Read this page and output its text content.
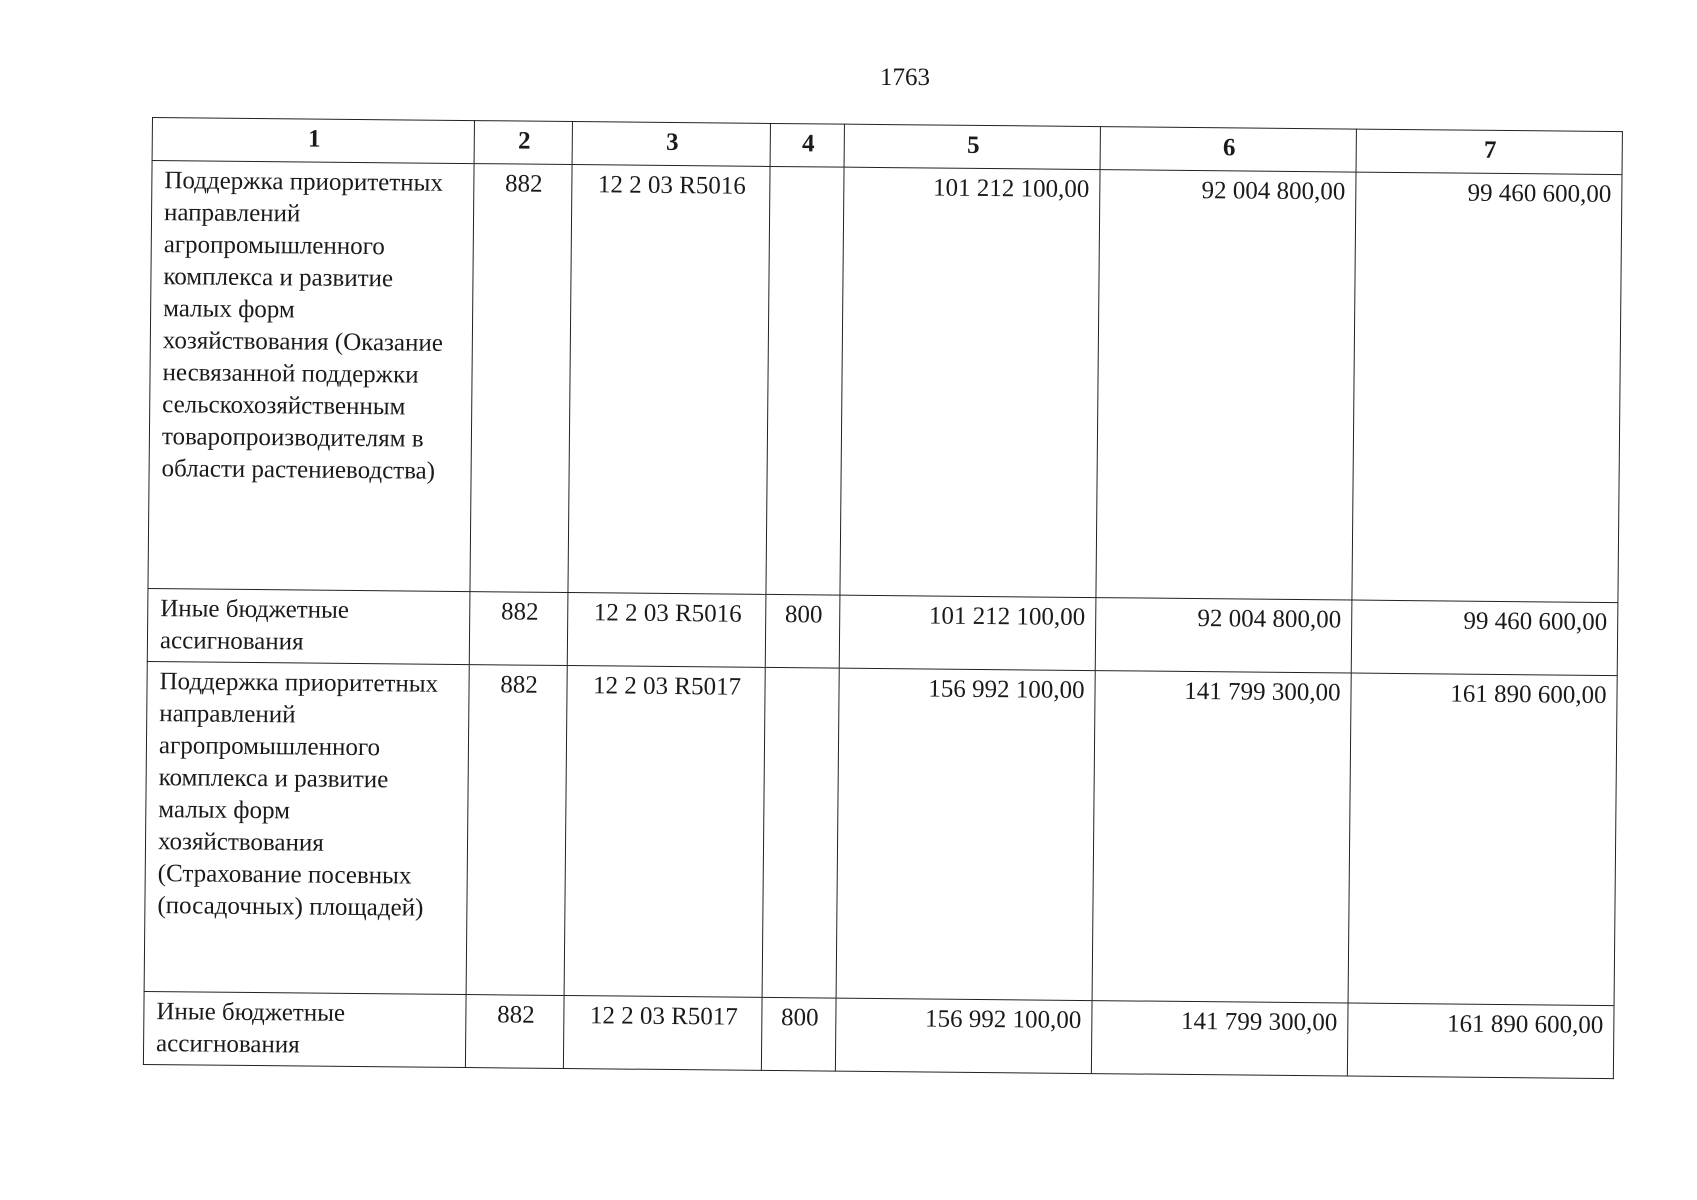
1763
1	2	3	4	5	6	7
Поддержка приоритетных направлений агропромышленного комплекса и развитие малых форм хозяйствования (Оказание несвязанной поддержки сельскохозяйственным товаропроизводителям в области растениеводства)	882	12 2 03 R5016		101 212 100,00	92 004 800,00	99 460 600,00
Иные бюджетные ассигнования	882	12 2 03 R5016	800	101 212 100,00	92 004 800,00	99 460 600,00
Поддержка приоритетных направлений агропромышленного комплекса и развитие малых форм хозяйствования (Страхование посевных (посадочных) площадей)	882	12 2 03 R5017		156 992 100,00	141 799 300,00	161 890 600,00
Иные бюджетные ассигнования	882	12 2 03 R5017	800	156 992 100,00	141 799 300,00	161 890 600,00
